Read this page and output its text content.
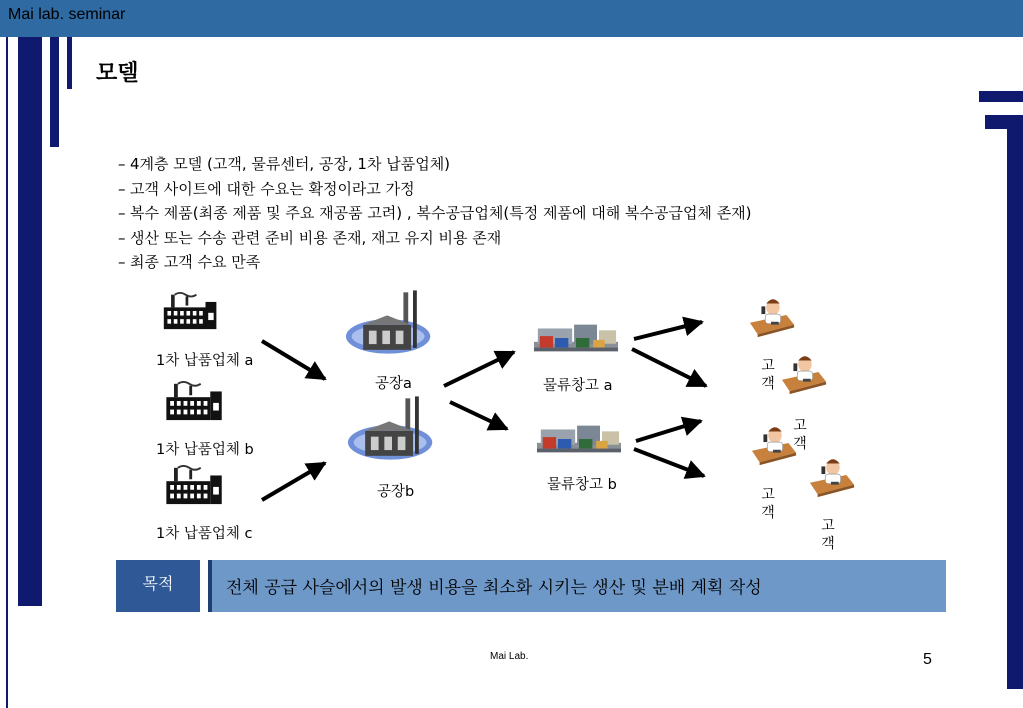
Mai lab. seminar
모델
– 4계층 모델 (고객, 물류센터, 공장, 1차 납품업체)
– 고객 사이트에 대한 수요는 확정이라고 가정
– 복수 제품(최종 제품 및 주요 재공품 고려) , 복수공급업체(특정 제품에 대해 복수공급업체 존재)
– 생산 또는 수송 관련 준비 비용 존재, 재고 유지 비용 존재
– 최종 고객 수요 만족
1차 납품업체 a
1차 납품업체 b
1차 납품업체 c
공장a
공장b
물류창고 a
물류창고 b
고
객
고
객
고
객
고
객
목적	전체 공급 사슬에서의 발생 비용을 최소화 시키는 생산 및 분배 계획 작성
Mai Lab.	5
